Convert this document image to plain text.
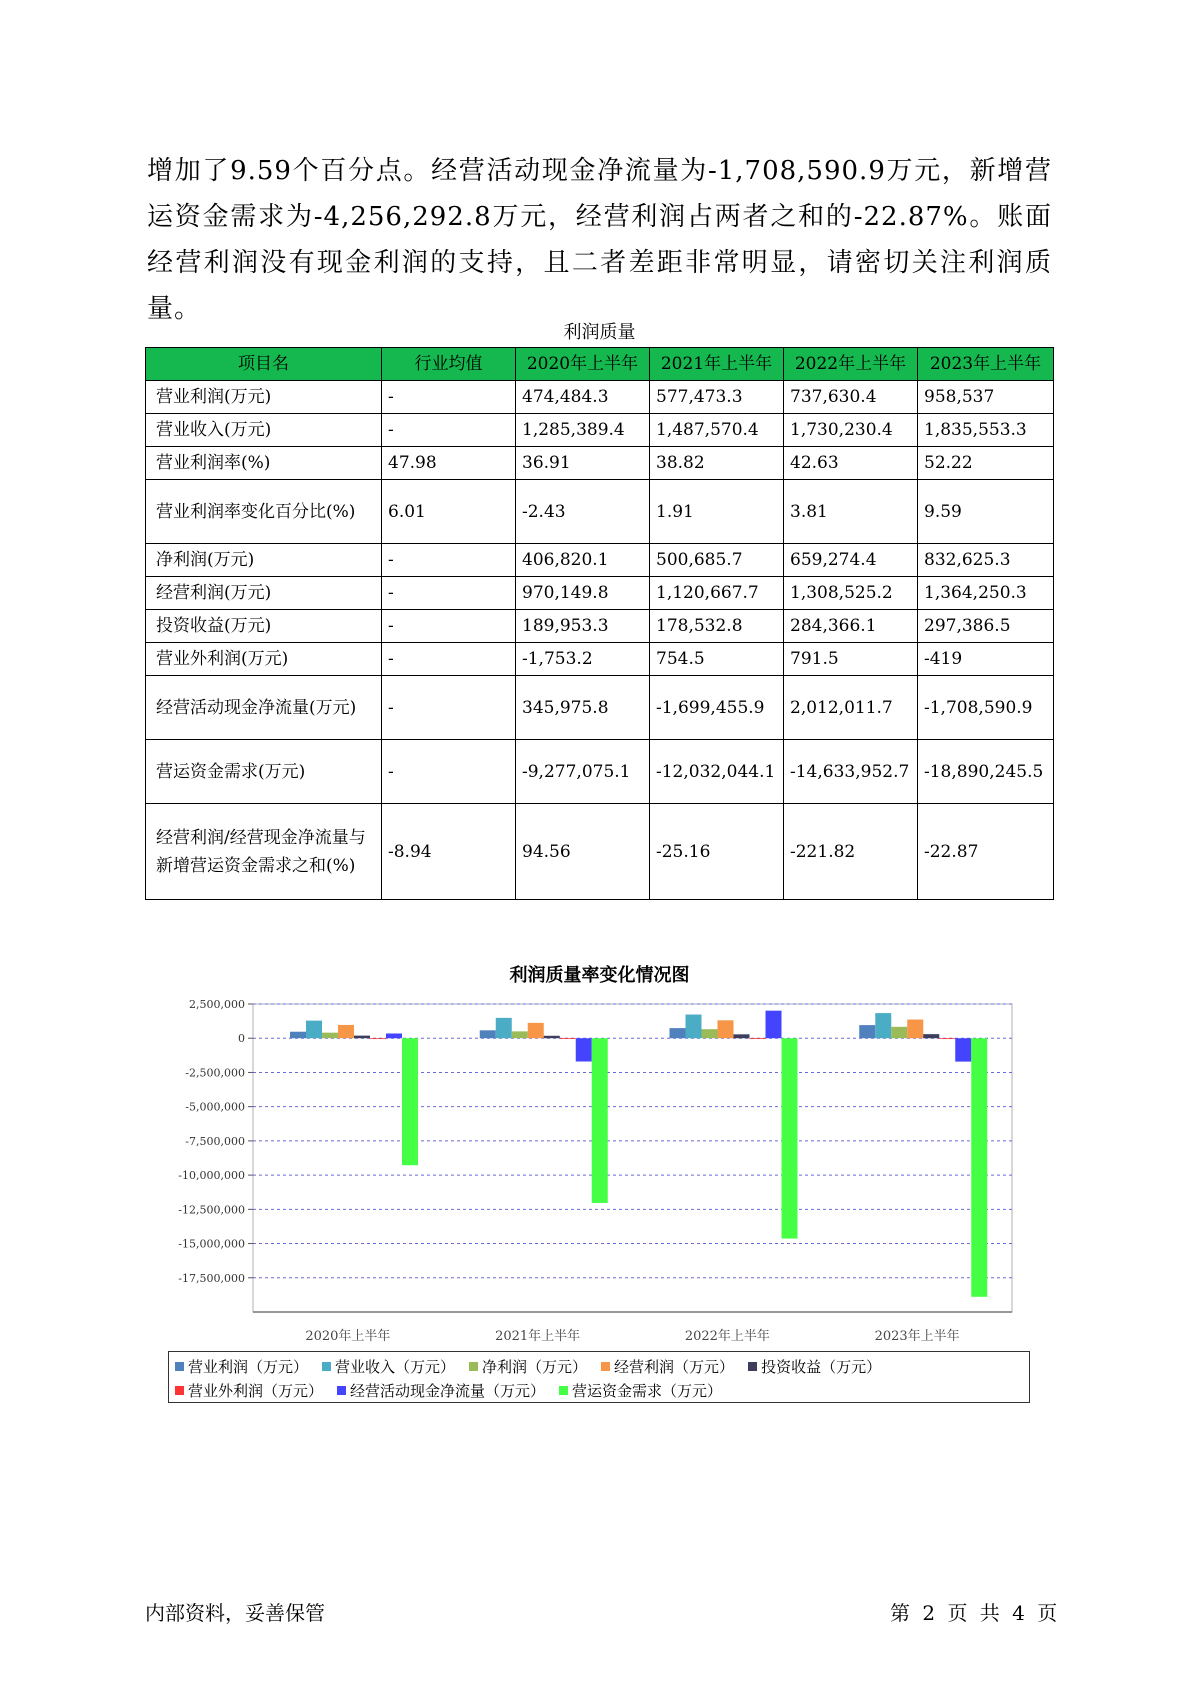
增加了9.59个百分点。经营活动现金净流量为-1,708,590.9万元，新增营运资金需求为-4,256,292.8万元，经营利润占两者之和的-22.87%。账面经营利润没有现金利润的支持，且二者差距非常明显，请密切关注利润质量。

利润质量
项目名	行业均值	2020年上半年	2021年上半年	2022年上半年	2023年上半年
营业利润(万元)	-	474,484.3	577,473.3	737,630.4	958,537
营业收入(万元)	-	1,285,389.4	1,487,570.4	1,730,230.4	1,835,553.3
营业利润率(%)	47.98	36.91	38.82	42.63	52.22
营业利润率变化百分比(%)	6.01	-2.43	1.91	3.81	9.59
净利润(万元)	-	406,820.1	500,685.7	659,274.4	832,625.3
经营利润(万元)	-	970,149.8	1,120,667.7	1,308,525.2	1,364,250.3
投资收益(万元)	-	189,953.3	178,532.8	284,366.1	297,386.5
营业外利润(万元)	-	-1,753.2	754.5	791.5	-419
经营活动现金净流量(万元)	-	345,975.8	-1,699,455.9	2,012,011.7	-1,708,590.9
营运资金需求(万元)	-	-9,277,075.1	-12,032,044.1	-14,633,952.7	-18,890,245.5
经营利润/经营现金净流量与新增营运资金需求之和(%)	-8.94	94.56	-25.16	-221.82	-22.87
利润质量率变化情况图
2,500,000
0
-2,500,000
-5,000,000
-7,500,000
-10,000,000
-12,500,000
-15,000,000
-17,500,000
2020年上半年	2021年上半年	2022年上半年	2023年上半年
营业利润（万元） 营业收入（万元） 净利润（万元） 经营利润（万元） 投资收益（万元）
营业外利润（万元） 经营活动现金净流量（万元） 营运资金需求（万元）
内部资料，妥善保管	第 2 页 共 4 页
